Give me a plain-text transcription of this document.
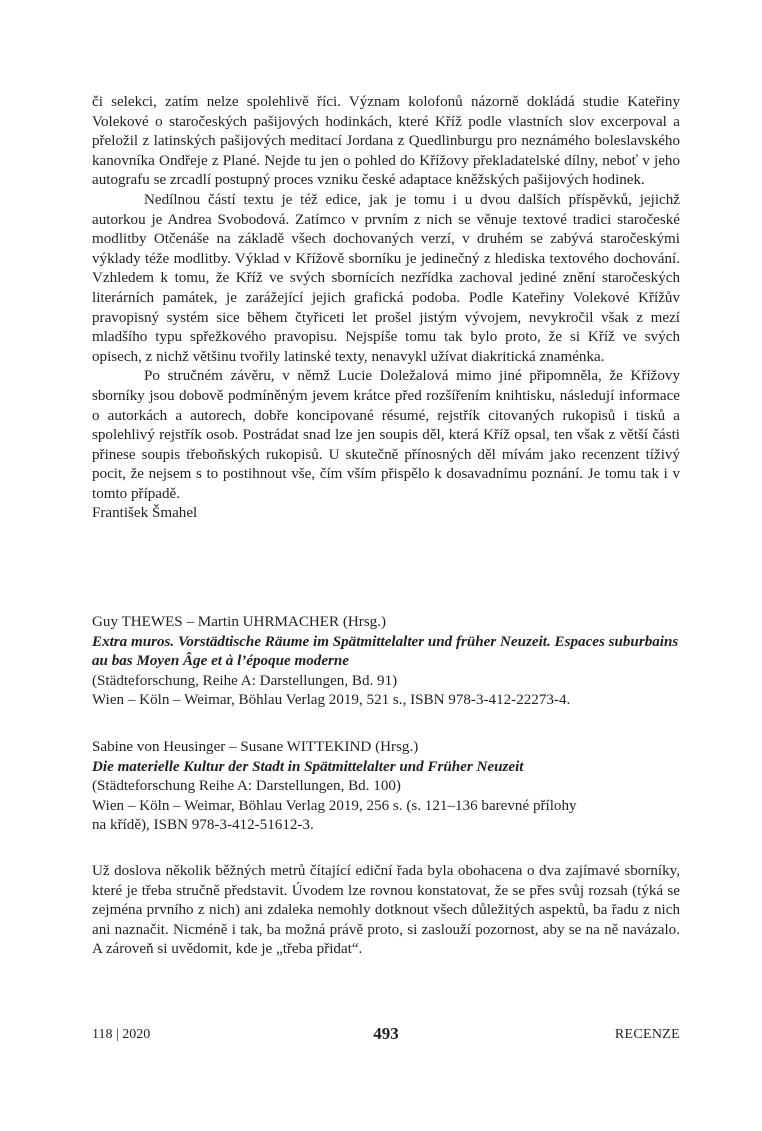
či selekci, zatím nelze spolehlivě říci. Význam kolofonů názorně dokládá studie Kateřiny Volekové o staročeských pašijových hodinkách, které Kříž podle vlastních slov excerpoval a přeložil z latinských pašijových meditací Jordana z Quedlinburgu pro neznámého boleslavského kanovníka Ondřeje z Plané. Nejde tu jen o pohled do Křížovy překladatelské dílny, neboť v jeho autografu se zrcadlí postupný proces vzniku české adaptace kněžských pašijových hodinek.

Nedílnou částí textu je též edice, jak je tomu i u dvou dalších příspěvků, jejichž autorkou je Andrea Svobodová. Zatímco v prvním z nich se věnuje textové tradici staročeské modlitby Otčenáše na základě všech dochovaných verzí, v druhém se zabývá staročeskými výklady téže modlitby. Výklad v Křížově sborníku je jedinečný z hlediska textového dochování. Vzhledem k tomu, že Kříž ve svých sbornících nezřídka zachoval jediné znění staročeských literárních památek, je zarážející jejich grafická podoba. Podle Kateřiny Volekové Křížův pravopisný systém sice během čtyřiceti let prošel jistým vývojem, nevykročil však z mezí mladšího typu spřežkového pravopisu. Nejspíše tomu tak bylo proto, že si Kříž ve svých opisech, z nichž většinu tvořily latinské texty, nenavykl užívat diakritická znaménka.

Po stručném závěru, v němž Lucie Doležalová mimo jiné připomněla, že Křížovy sborníky jsou dobově podmíněným jevem krátce před rozšířením knihtisku, následují informace o autorkách a autorech, dobře koncipované résumé, rejstřík citovaných rukopisů i tisků a spolehlivý rejstřík osob. Postrádat snad lze jen soupis děl, která Kříž opsal, ten však z větší části přinese soupis třeboňských rukopisů. U skutečně přínosných děl mívám jako recenzent tíživý pocit, že nejsem s to postihnout vše, čím vším přispělo k dosavadnímu poznání. Je tomu tak i v tomto případě.

František Šmahel

Guy THEWES – Martin UHRMACHER (Hrsg.)
Extra muros. Vorstädtische Räume im Spätmittelalter und früher Neuzeit. Espaces suburbains au bas Moyen Âge et à l’époque moderne
(Städteforschung, Reihe A: Darstellungen, Bd. 91)
Wien – Köln – Weimar, Böhlau Verlag 2019, 521 s., ISBN 978-3-412-22273-4.
Sabine von Heusinger – Susane WITTEKIND (Hrsg.)
Die materielle Kultur der Stadt in Spätmittelalter und Früher Neuzeit
(Städteforschung Reihe A: Darstellungen, Bd. 100)
Wien – Köln – Weimar, Böhlau Verlag 2019, 256 s. (s. 121–136 barevné přílohy
na křídě), ISBN 978-3-412-51612-3.

Už doslova několik běžných metrů čítající ediční řada byla obohacena o dva zajímavé sborníky, které je třeba stručně představit. Úvodem lze rovnou konstatovat, že se přes svůj rozsah (týká se zejména prvního z nich) ani zdaleka nemohly dotknout všech důležitých aspektů, ba řadu z nich ani naznačit. Nicméně i tak, ba možná právě proto, si zaslouží pozornost, aby se na ně navázalo. A zároveň si uvědomit, kde je „třeba přidat“.

118 | 2020	493	RECENZE
